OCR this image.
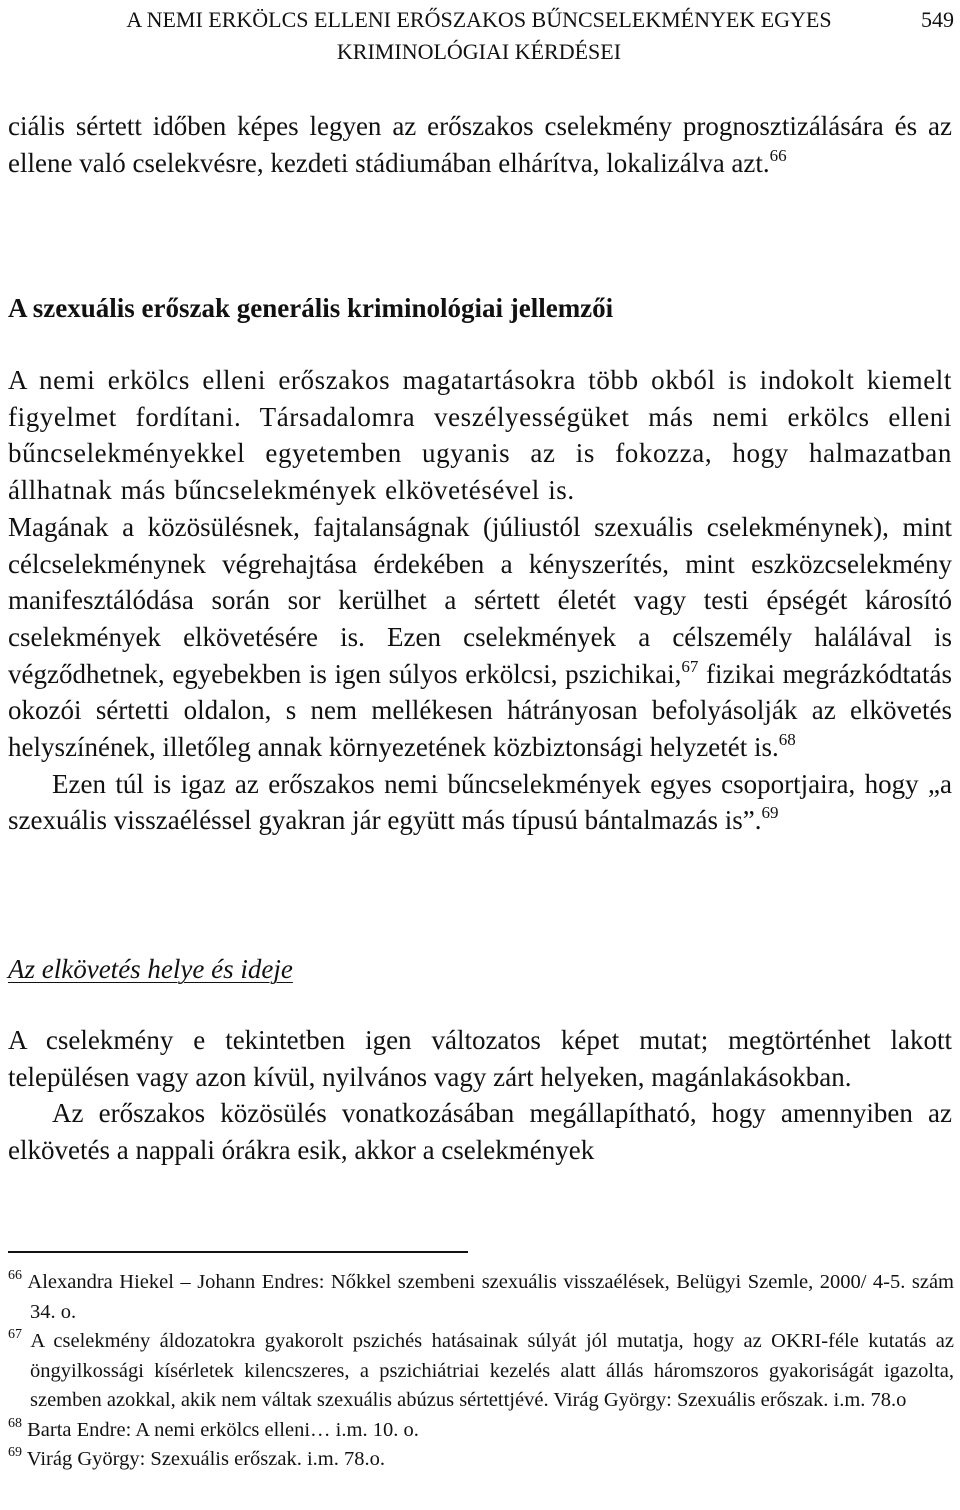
A NEMI ERKÖLCS ELLENI ERŐSZAKOS BŰNCSELEKMÉNYEK EGYES
KRIMINOLÓGIAI KÉRDÉSEI
549

ciális sértett időben képes legyen az erőszakos cselekmény prognosztizálására és az ellene való cselekvésre, kezdeti stádiumában elhárítva, lokalizálva azt.$^{66}$

A szexuális erőszak generális kriminológiai jellemzői

A nemi erkölcs elleni erőszakos magatartásokra több okból is indokolt kiemelt figyelmet fordítani. Társadalomra veszélyességüket más nemi erkölcs elleni bűncselekményekkel egyetemben ugyanis az is fokozza, hogy halmazatban állhatnak más bűncselekmények elkövetésével is.

Magának a közösülésnek, fajtalanságnak (júliustól szexuális cselekménynek), mint célcselekménynek végrehajtása érdekében a kényszerítés, mint eszközcselekmény manifesztálódása során sor kerülhet a sértett életét vagy testi épségét károsító cselekmények elkövetésére is. Ezen cselekmények a célszemély halálával is végződhetnek, egyebekben is igen súlyos erkölcsi, pszichikai,$^{67}$ fizikai megrázkódtatás okozói sértetti oldalon, s nem mellékesen hátrányosan befolyásolják az elkövetés helyszínének, illetőleg annak környezetének közbiztonsági helyzetét is.$^{68}$

Ezen túl is igaz az erőszakos nemi bűncselekmények egyes csoportjaira, hogy „a szexuális visszaéléssel gyakran jár együtt más típusú bántalmazás is”.$^{69}$

Az elkövetés helye és ideje

A cselekmény e tekintetben igen változatos képet mutat; megtörténhet lakott településen vagy azon kívül, nyilvános vagy zárt helyeken, magánlakásokban.

Az erőszakos közösülés vonatkozásában megállapítható, hogy amennyiben az elkövetés a nappali órákra esik, akkor a cselekmények

$^{66}$ Alexandra Hiekel – Johann Endres: Nőkkel szembeni szexuális visszaélések, Belügyi Szemle, 2000/ 4-5. szám 34. o.

$^{67}$ A cselekmény áldozatokra gyakorolt pszichés hatásainak súlyát jól mutatja, hogy az OKRI-féle kutatás az öngyilkossági kísérletek kilencszeres, a pszichiátriai kezelés alatt állás háromszoros gyakoriságát igazolta, szemben azokkal, akik nem váltak szexuális abúzus sértettjévé. Virág György: Szexuális erőszak. i.m. 78.o

$^{68}$ Barta Endre: A nemi erkölcs elleni… i.m. 10. o.

$^{69}$ Virág György: Szexuális erőszak. i.m. 78.o.
